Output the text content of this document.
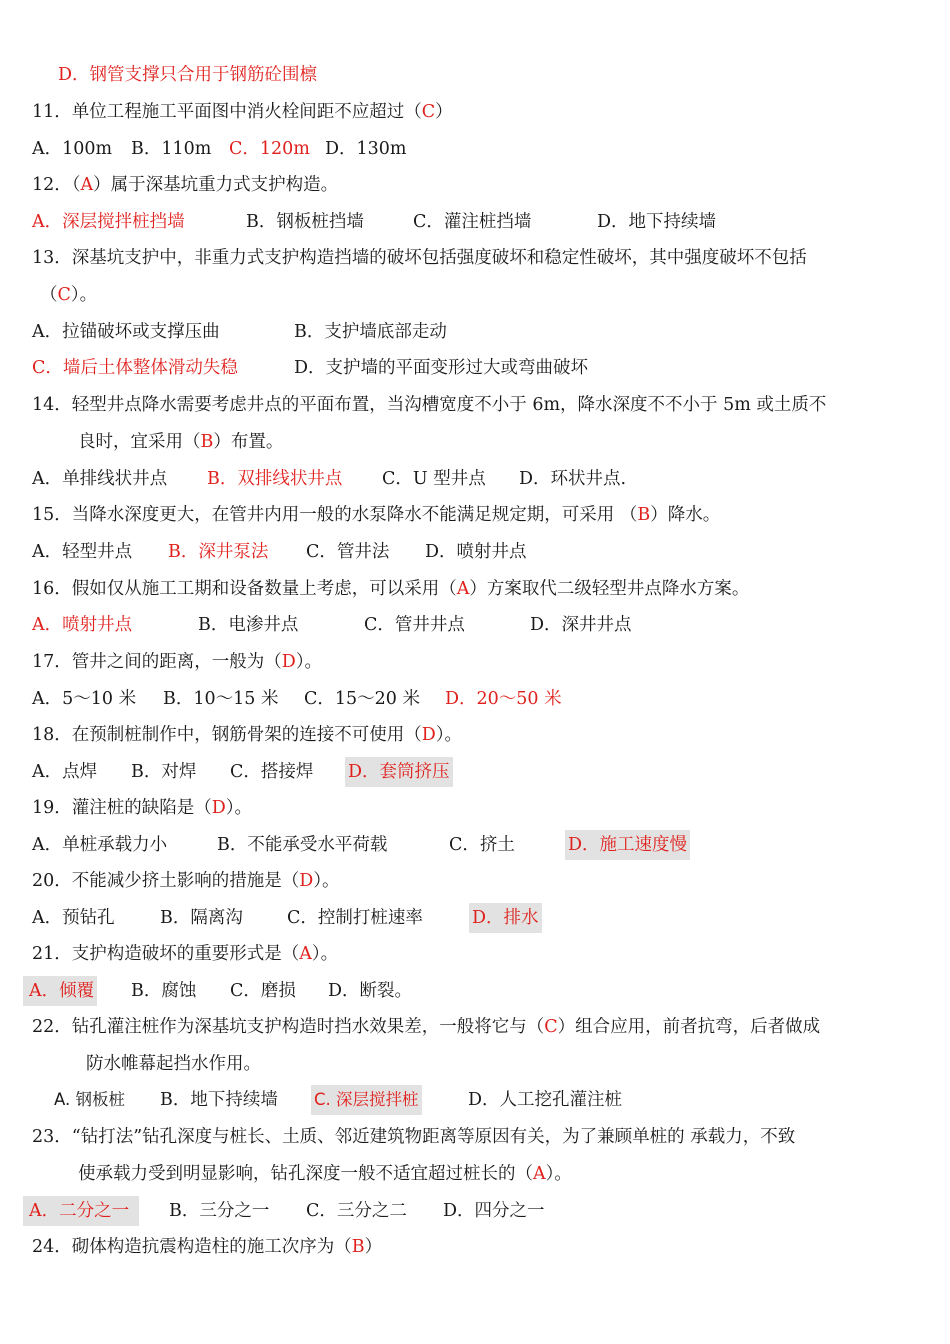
D．钢管支撑只合用于钢筋砼围檩
11．单位工程施工平面图中消火栓间距不应超过（C）
A．100m B．110m C．120m D．130m
12．（A）属于深基坑重力式支护构造。
A．深层搅拌桩挡墙	B．钢板桩挡墙	C．灌注桩挡墙	D．地下持续墙
13．深基坑支护中，非重力式支护构造挡墙的破坏包括强度破坏和稳定性破坏，其中强度破坏不包括
（C）。
A．拉锚破坏或支撑压曲	B．支护墙底部走动
C．墙后土体整体滑动失稳	D．支护墙的平面变形过大或弯曲破坏
14．轻型井点降水需要考虑井点的平面布置，当沟槽宽度不小于 6m，降水深度不不小于 5m 或土质不
良时，宜采用（B）布置。
A．单排线状井点 B．双排线状井点 C．U 型井点 D．环状井点.
15．当降水深度更大，在管井内用一般的水泵降水不能满足规定期，可采用 （B）降水。
A．轻型井点 B．深井泵法 C．管井法 D．喷射井点
16．假如仅从施工工期和设备数量上考虑，可以采用（A）方案取代二级轻型井点降水方案。
A．喷射井点	B．电渗井点	C．管井井点	D．深井井点
17．管井之间的距离，一般为（D）。
A．5～10 米 B．10～15 米 C．15～20 米 D．20～50 米
18．在预制桩制作中，钢筋骨架的连接不可使用（D）。
A．点焊 B．对焊 C．搭接焊 D．套筒挤压
19．灌注桩的缺陷是（D）。
A．单桩承载力小	B．不能承受水平荷载	C．挤土	D．施工速度慢
20．不能减少挤土影响的措施是（D）。
A．预钻孔	B．隔离沟	C．控制打桩速率	D．排水
21．支护构造破坏的重要形式是（A）。
A．倾覆 B．腐蚀 C．磨损 D．断裂。
22．钻孔灌注桩作为深基坑支护构造时挡水效果差，一般将它与（C）组合应用，前者抗弯，后者做成
防水帷幕起挡水作用。
A. 钢板桩 B．地下持续墙 C. 深层搅拌桩	D．人工挖孔灌注桩
23．“钻打法”钻孔深度与桩长、土质、邻近建筑物距离等原因有关，为了兼顾单桩的 承载力，不致
使承载力受到明显影响，钻孔深度一般不适宜超过桩长的（A）。
A．二分之一	B．三分之一 C．三分之二 D．四分之一
24．砌体构造抗震构造柱的施工次序为（B）
